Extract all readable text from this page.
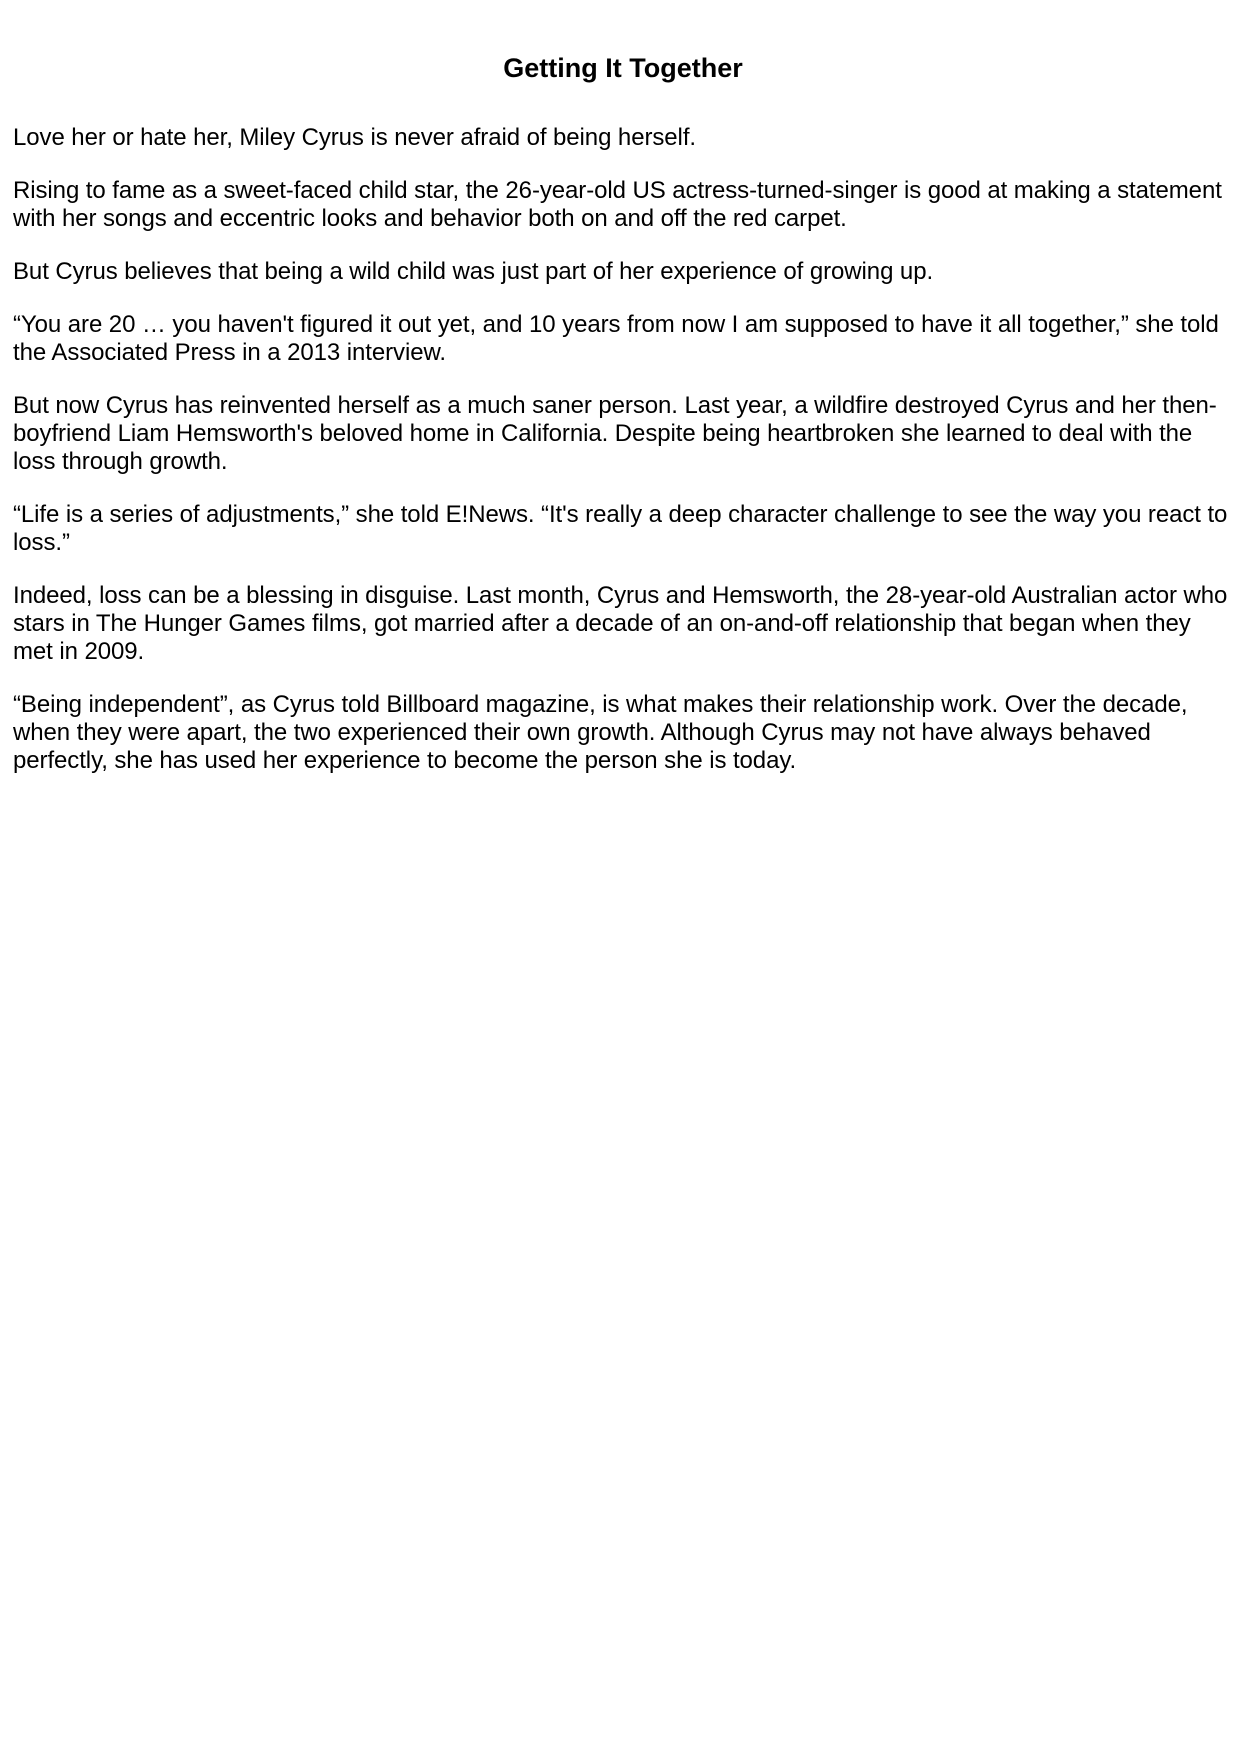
Getting It Together

Love her or hate her, Miley Cyrus is never afraid of being herself.

Rising to fame as a sweet-faced child star, the 26-year-old US actress-turned-singer is good at making a statement with her songs and eccentric looks and behavior both on and off the red carpet.

But Cyrus believes that being a wild child was just part of her experience of growing up.

“You are 20 … you haven't figured it out yet, and 10 years from now I am supposed to have it all together,” she told the Associated Press in a 2013 interview.

But now Cyrus has reinvented herself as a much saner person. Last year, a wildfire destroyed Cyrus and her then-boyfriend Liam Hemsworth's beloved home in California. Despite being heartbroken she learned to deal with the loss through growth.

“Life is a series of adjustments,” she told E!News. “It's really a deep character challenge to see the way you react to loss.”

Indeed, loss can be a blessing in disguise. Last month, Cyrus and Hemsworth, the 28-year-old Australian actor who stars in The Hunger Games films, got married after a decade of an on-and-off relationship that began when they met in 2009.

“Being independent”, as Cyrus told Billboard magazine, is what makes their relationship work. Over the decade, when they were apart, the two experienced their own growth. Although Cyrus may not have always behaved perfectly, she has used her experience to become the person she is today.
